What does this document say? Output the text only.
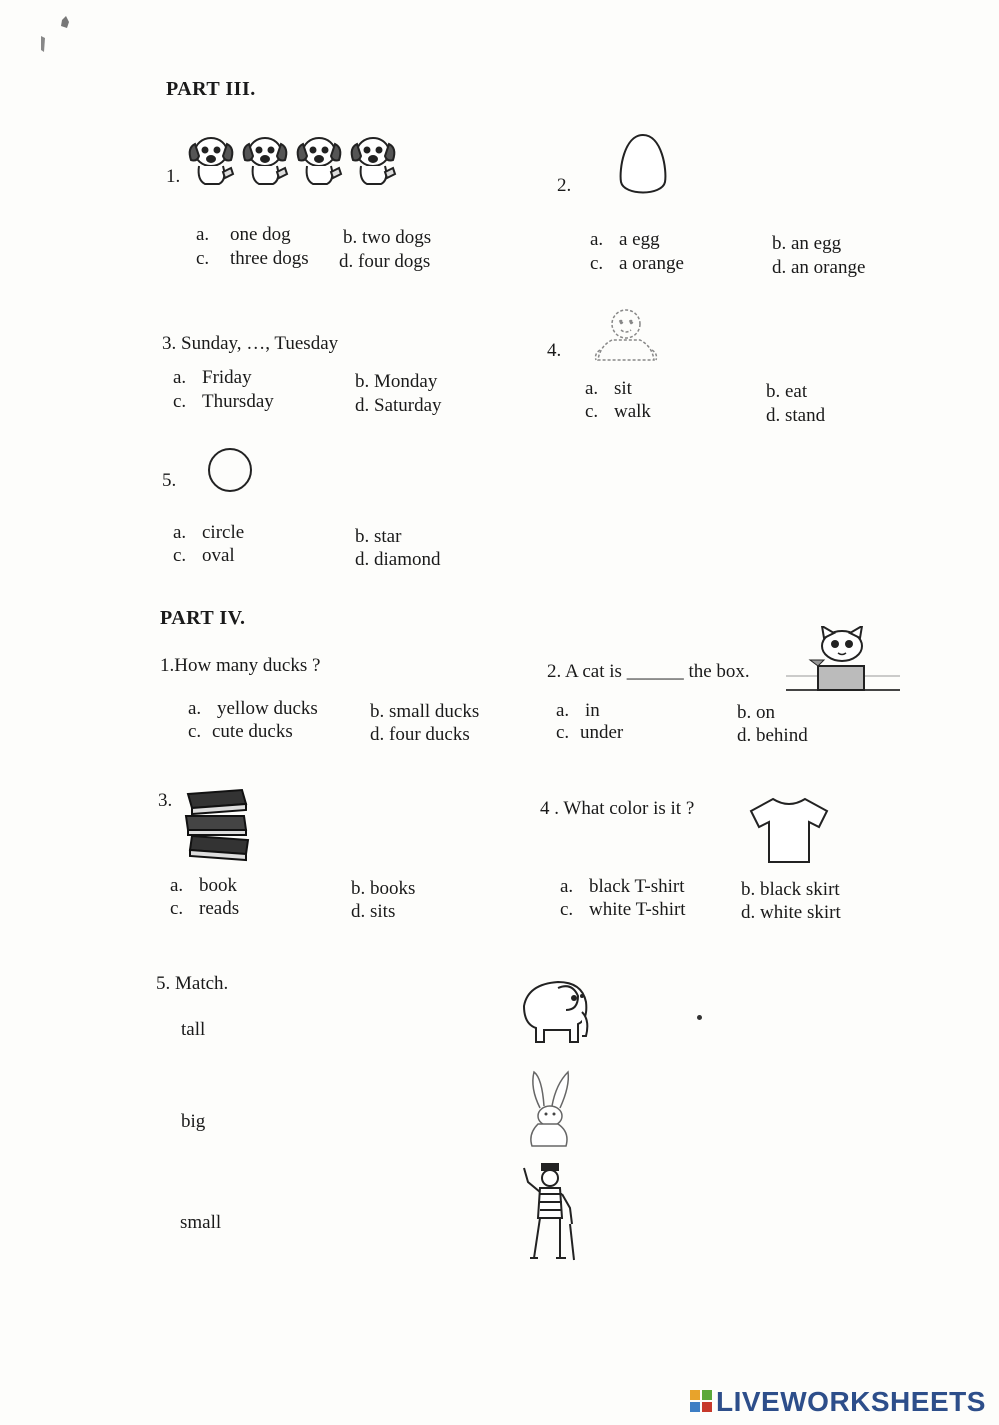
PART III.
1.
a. one dog	b. two dogs
c. three dogs d. four dogs
2.
a. a egg	b. an egg
c. a orange	d. an orange
3. Sunday, …, Tuesday
a. Friday	b. Monday
c. Thursday	d. Saturday
4.
a. sit	b. eat
c. walk	d. stand
5.
a. circle	b. star
c. oval	d. diamond
PART IV.
1.How many ducks ?
a. yellow ducks	b. small ducks
c. cute ducks	d. four ducks
2. A cat is ______ the box.
a. in	b. on
c. under	d. behind
3.
a. book	b. books
c. reads	d. sits
4 . What color is it ?
a. black T-shirt	b. black skirt
c. white T-shirt	d. white skirt
5. Match.
tall
big
small
LIVEWORKSHEETS
